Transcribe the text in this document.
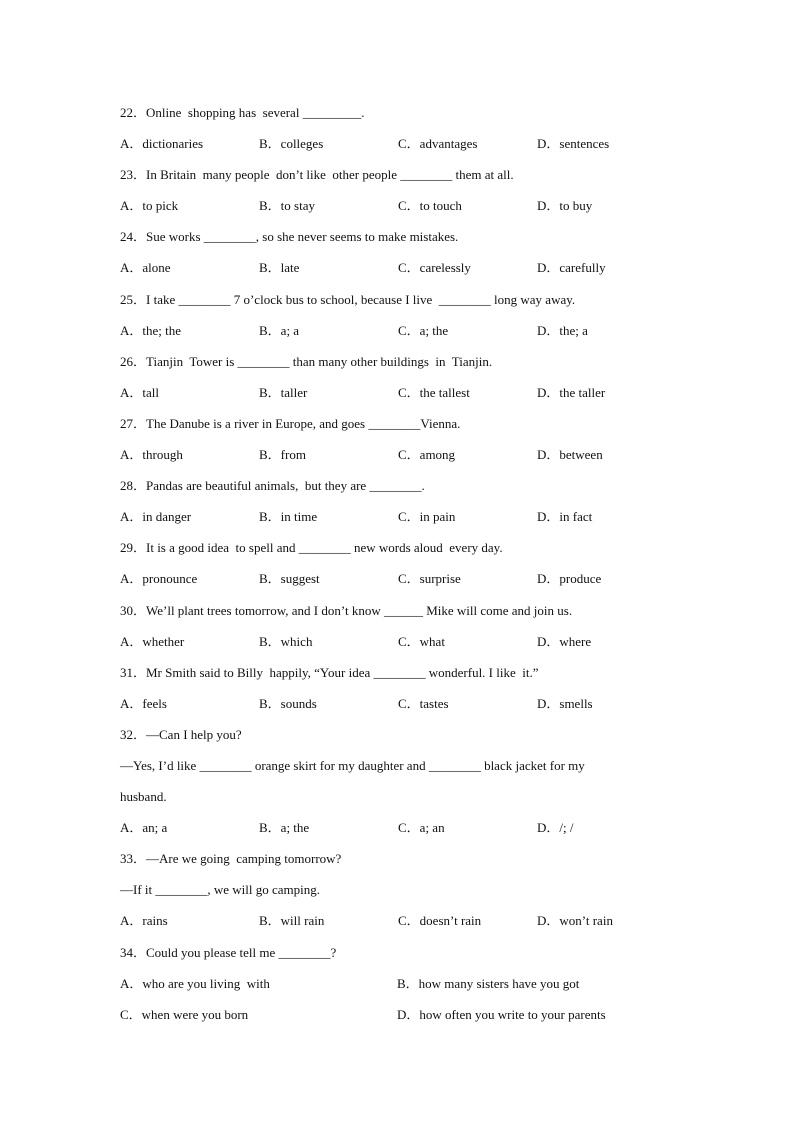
22．Online  shopping has  several _________.
A．dictionaries	B．colleges	C．advantages	D．sentences
23．In Britain  many people  don’t like  other people ________ them at all.
A．to pick	B．to stay	C．to touch	D．to buy
24．Sue works ________, so she never seems to make mistakes.
A．alone	B．late	C．carelessly	D．carefully
25．I take ________ 7 o’clock bus to school, because I live  ________ long way away.
A．the; the	B．a; a	C．a; the	D．the; a
26．Tianjin  Tower is ________ than many other buildings  in  Tianjin.
A．tall	B．taller	C．the tallest	D．the taller
27．The Danube is a river in Europe, and goes ________Vienna.
A．through	B．from	C．among	D．between
28．Pandas are beautiful animals,  but they are ________.
A．in danger	B．in time	C．in pain	D．in fact
29．It is a good idea  to spell and ________ new words aloud  every day.
A．pronounce	B．suggest	C．surprise	D．produce
30．We’ll plant trees tomorrow, and I don’t know ______ Mike will come and join us.
A．whether	B．which	C．what	D．where
31．Mr Smith said to Billy  happily, “Your idea ________ wonderful. I like  it.”
A．feels	B．sounds	C．tastes	D．smells
32．—Can I help you?
—Yes, I’d like ________ orange skirt for my daughter and ________ black jacket for my
husband.
A．an; a	B．a; the	C．a; an	D．/; /
33．—Are we going  camping tomorrow?
—If it ________, we will go camping.
A．rains	B．will rain	C．doesn’t rain	D．won’t rain
34．Could you please tell me ________?
A．who are you living  with	B．how many sisters have you got
C．when were you born	D．how often you write to your parents
